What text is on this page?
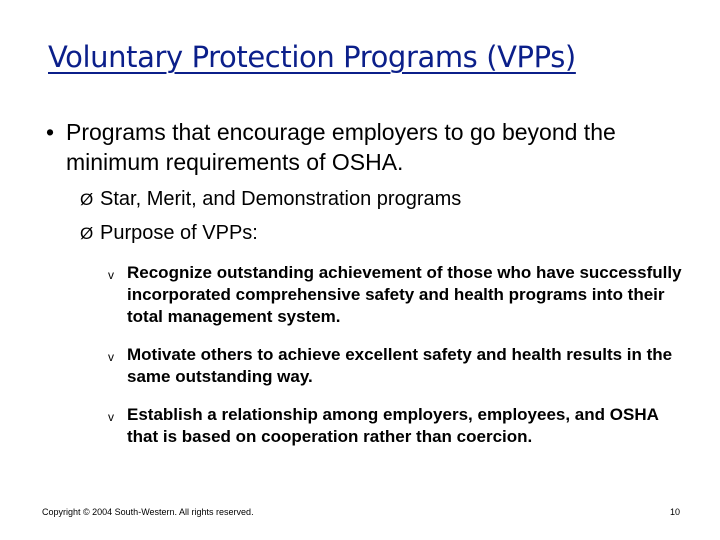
Voluntary Protection Programs (VPPs)
• Programs that encourage employers to go beyond the minimum requirements of OSHA.
Ø Star, Merit, and Demonstration programs
Ø Purpose of VPPs:
v Recognize outstanding achievement of those who have successfully incorporated comprehensive safety and health programs into their total management system.
v Motivate others to achieve excellent safety and health results in the same outstanding way.
v Establish a relationship among employers, employees, and OSHA that is based on cooperation rather than coercion.
Copyright © 2004 South-Western. All rights reserved.	10
